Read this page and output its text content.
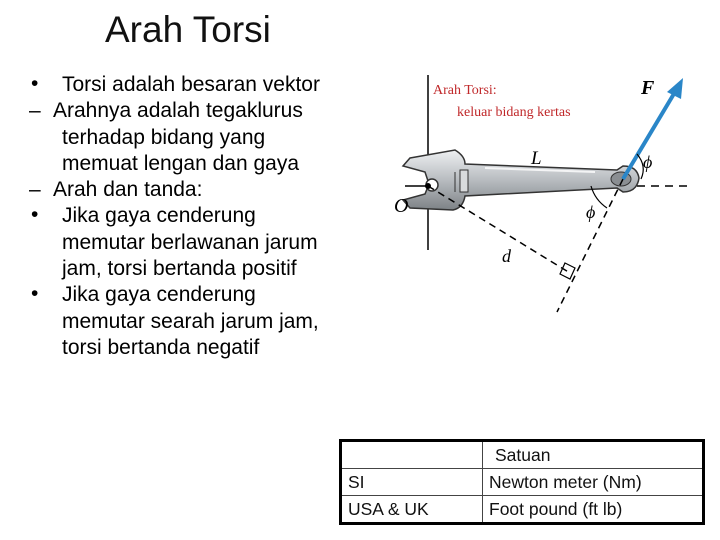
Arah Torsi
• Torsi adalah besaran vektor
– Arahnya adalah tegaklurus
terhadap bidang yang
memuat lengan dan gaya
– Arah dan tanda:
• Jika gaya cenderung
memutar berlawanan jarum
jam, torsi bertanda positif
• Jika gaya cenderung
memutar searah jarum jam,
torsi bertanda negatif
Arah Torsi:
keluar bidang kertas
F
L
O
d
ϕ
ϕ
	Satuan
SI	Newton meter (Nm)
USA & UK	Foot pound (ft lb)
